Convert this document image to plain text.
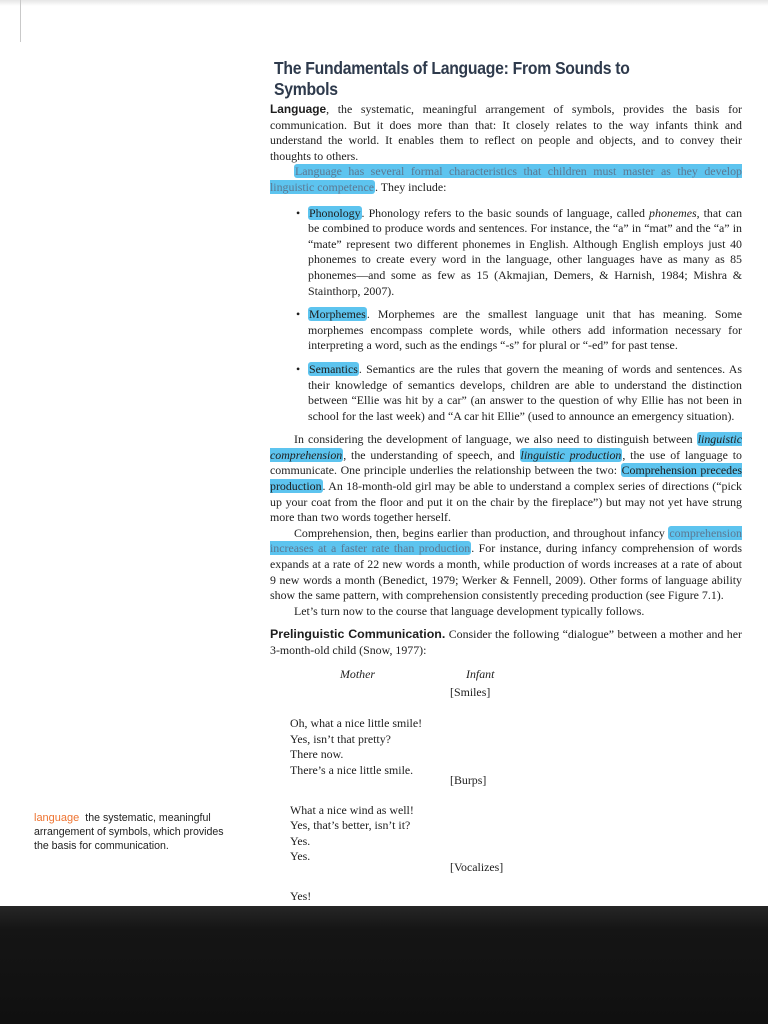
The Fundamentals of Language: From Sounds to Symbols

Language, the systematic, meaningful arrangement of symbols, provides the basis for communication. But it does more than that: It closely relates to the way infants think and understand the world. It enables them to reflect on people and objects, and to convey their thoughts to others.

Language has several formal characteristics that children must master as they develop linguistic competence. They include:

• Phonology. Phonology refers to the basic sounds of language, called phonemes, that can be combined to produce words and sentences. For instance, the “a” in “mat” and the “a” in “mate” represent two different phonemes in English. Although English employs just 40 phonemes to create every word in the language, other languages have as many as 85 phonemes—and some as few as 15 (Akmajian, Demers, & Harnish, 1984; Mishra & Stainthorp, 2007).
• Morphemes. Morphemes are the smallest language unit that has meaning. Some morphemes encompass complete words, while others add information necessary for interpreting a word, such as the endings “-s” for plural or “-ed” for past tense.
• Semantics. Semantics are the rules that govern the meaning of words and sentences. As their knowledge of semantics develops, children are able to understand the distinction between “Ellie was hit by a car” (an answer to the question of why Ellie has not been in school for the last week) and “A car hit Ellie” (used to announce an emergency situation).

In considering the development of language, we also need to distinguish between linguistic comprehension, the understanding of speech, and linguistic production, the use of language to communicate. One principle underlies the relationship between the two: Comprehension precedes production. An 18-month-old girl may be able to understand a complex series of directions (“pick up your coat from the floor and put it on the chair by the fireplace”) but may not yet have strung more than two words together herself.

Comprehension, then, begins earlier than production, and throughout infancy comprehension increases at a faster rate than production. For instance, during infancy comprehension of words expands at a rate of 22 new words a month, while production of words increases at a rate of about 9 new words a month (Benedict, 1979; Werker & Fennell, 2009). Other forms of language ability show the same pattern, with comprehension consistently preceding production (see Figure 7.1).

Let’s turn now to the course that language development typically follows.

Prelinguistic Communication. Consider the following “dialogue” between a mother and her 3-month-old child (Snow, 1977):

Mother
Oh, what a nice little smile!
Yes, isn’t that pretty?
There now.
There’s a nice little smile.
What a nice wind as well!
Yes, that’s better, isn’t it?
Yes.
Yes.
Yes!
Infant
[Smiles]
[Burps]
[Vocalizes]
language the systematic, meaningful arrangement of symbols, which provides the basis for communication.
